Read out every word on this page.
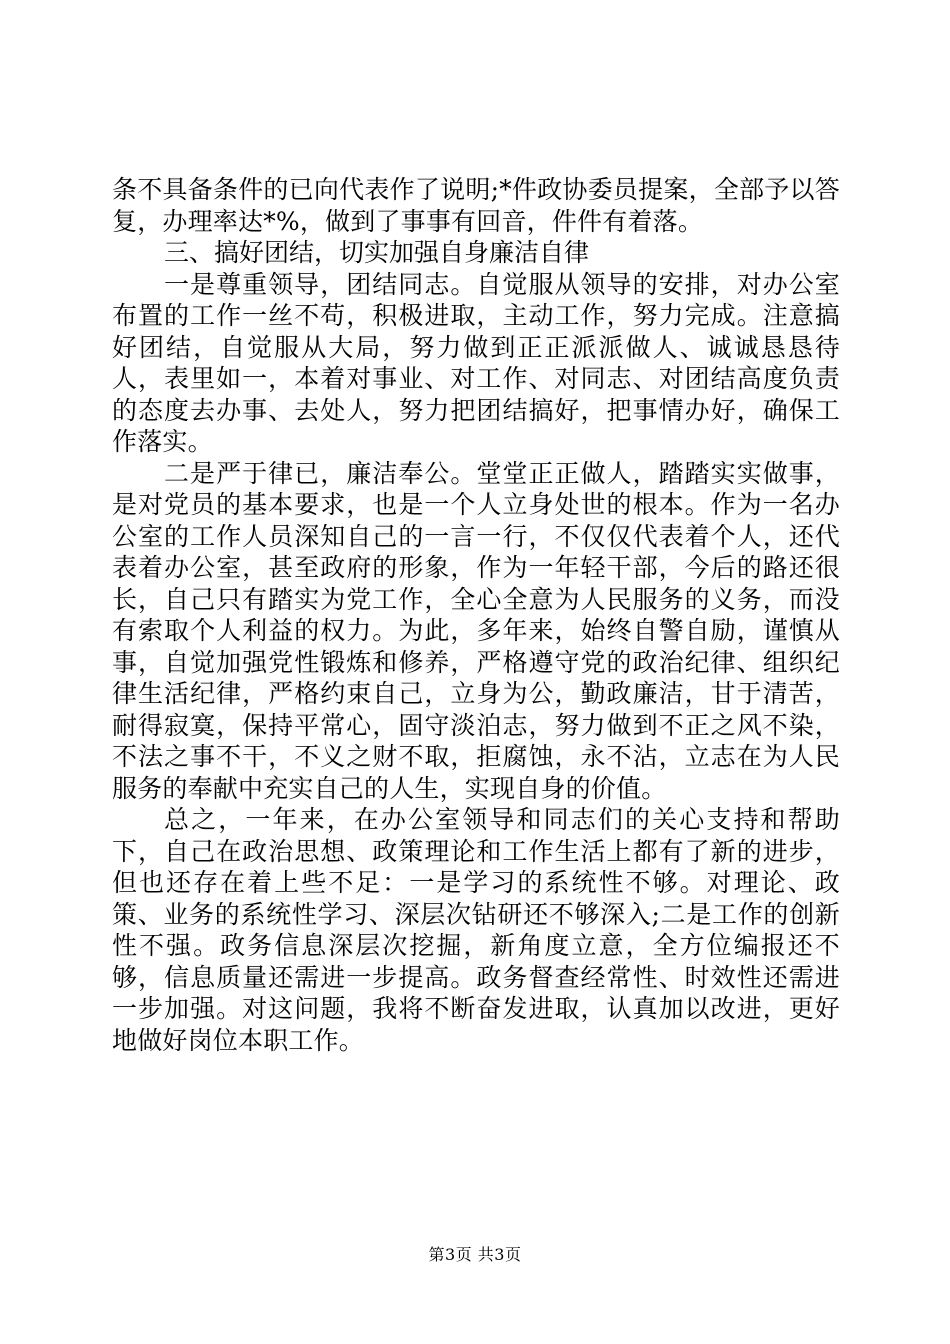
条不具备条件的已向代表作了说明;*件政协委员提案，全部予以答复，办理率达*%，做到了事事有回音，件件有着落。

三、搞好团结，切实加强自身廉洁自律

一是尊重领导，团结同志。自觉服从领导的安排，对办公室布置的工作一丝不苟，积极进取，主动工作，努力完成。注意搞好团结，自觉服从大局，努力做到正正派派做人、诚诚恳恳待人，表里如一，本着对事业、对工作、对同志、对团结高度负责的态度去办事、去处人，努力把团结搞好，把事情办好，确保工作落实。

二是严于律已，廉洁奉公。堂堂正正做人，踏踏实实做事，是对党员的基本要求，也是一个人立身处世的根本。作为一名办公室的工作人员深知自己的一言一行，不仅仅代表着个人，还代表着办公室，甚至政府的形象，作为一年轻干部，今后的路还很长，自己只有踏实为党工作，全心全意为人民服务的义务，而没有索取个人利益的权力。为此，多年来，始终自警自励，谨慎从事，自觉加强党性锻炼和修养，严格遵守党的政治纪律、组织纪律生活纪律，严格约束自己，立身为公，勤政廉洁，甘于清苦，耐得寂寞，保持平常心，固守淡泊志，努力做到不正之风不染，不法之事不干，不义之财不取，拒腐蚀，永不沾，立志在为人民服务的奉献中充实自己的人生，实现自身的价值。

总之，一年来，在办公室领导和同志们的关心支持和帮助下，自己在政治思想、政策理论和工作生活上都有了新的进步，但也还存在着上些不足：一是学习的系统性不够。对理论、政策、业务的系统性学习、深层次钻研还不够深入;二是工作的创新性不强。政务信息深层次挖掘，新角度立意，全方位编报还不够，信息质量还需进一步提高。政务督查经常性、时效性还需进一步加强。对这问题，我将不断奋发进取，认真加以改进，更好地做好岗位本职工作。

第3页 共3页
